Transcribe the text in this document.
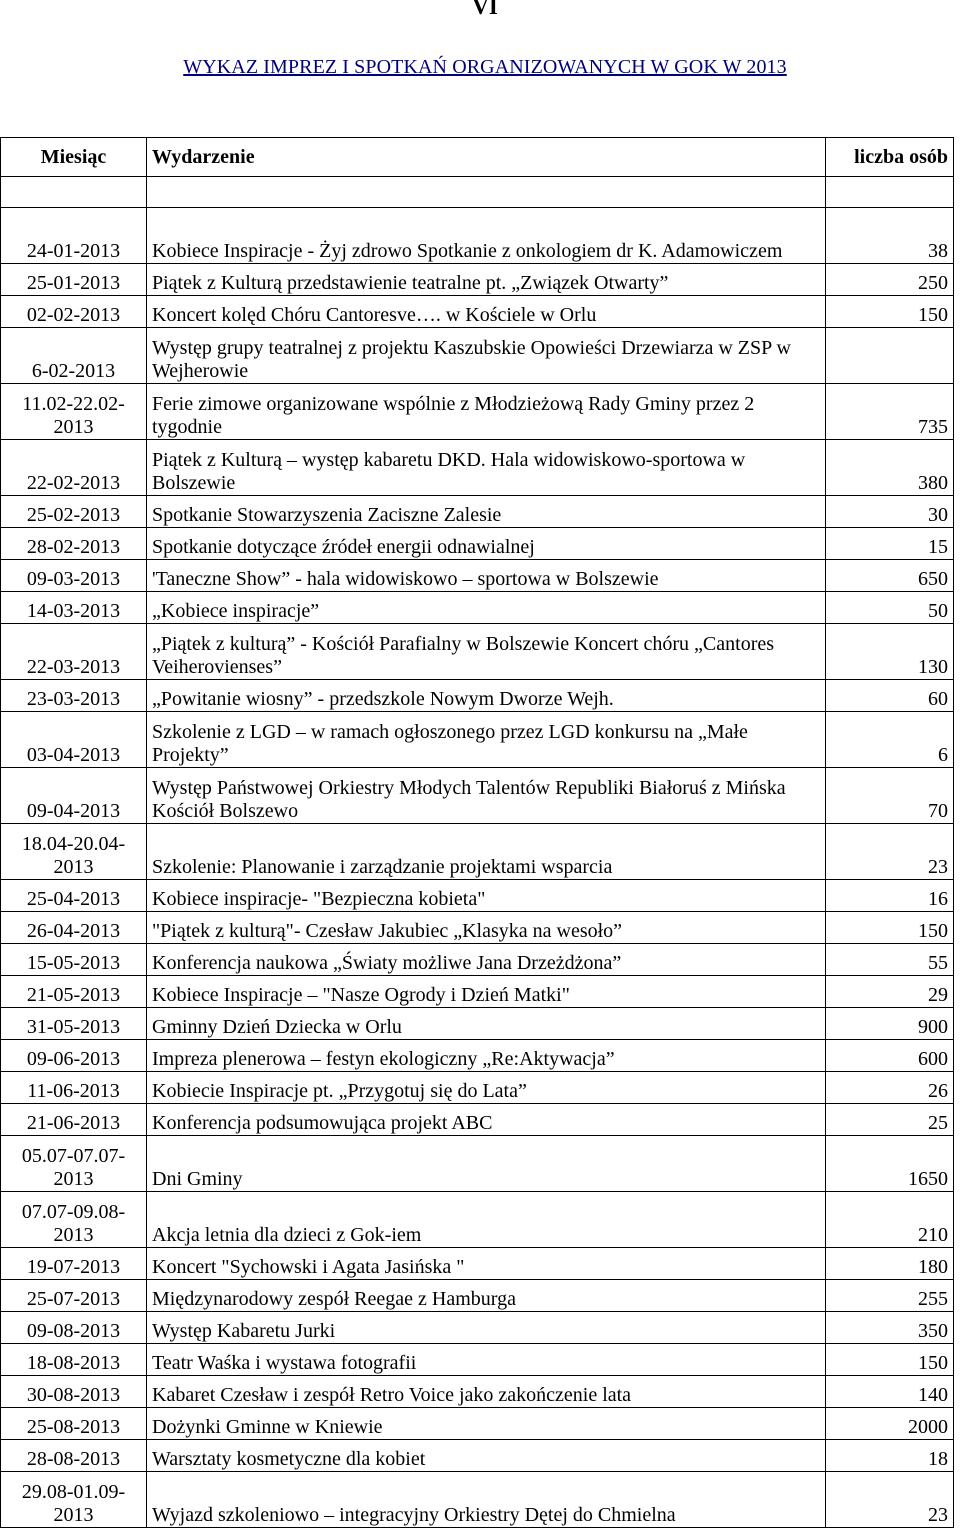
VI
WYKAZ IMPREZ I SPOTKAŃ ORGANIZOWANYCH W GOK W 2013
Miesiąc	Wydarzenie	liczba osób

24-01-2013	Kobiece Inspiracje - Żyj zdrowo Spotkanie z onkologiem dr K. Adamowiczem	38
25-01-2013	Piątek z Kulturą przedstawienie teatralne pt. „Związek Otwarty”	250
02-02-2013	Koncert kolęd Chóru Cantoresve…. w Kościele w Orlu	150
6-02-2013	Występ grupy teatralnej z projektu Kaszubskie Opowieści Drzewiarza w ZSP w Wejherowie	
11.02-22.02-2013	Ferie zimowe organizowane wspólnie z Młodzieżową Rady Gminy przez 2 tygodnie	735
22-02-2013	Piątek z Kulturą – występ kabaretu DKD. Hala widowiskowo-sportowa w Bolszewie	380
25-02-2013	Spotkanie Stowarzyszenia Zaciszne Zalesie	30
28-02-2013	Spotkanie dotyczące źródeł energii odnawialnej	15
09-03-2013	'Taneczne Show” - hala widowiskowo – sportowa w Bolszewie	650
14-03-2013	„Kobiece inspiracje”	50
22-03-2013	„Piątek z kulturą” - Kościół Parafialny w Bolszewie Koncert chóru „Cantores Veiherovienses”	130
23-03-2013	„Powitanie wiosny” - przedszkole Nowym Dworze Wejh.	60
03-04-2013	Szkolenie z LGD – w ramach ogłoszonego przez LGD konkursu na „Małe Projekty”	6
09-04-2013	Występ Państwowej Orkiestry Młodych Talentów Republiki Białoruś z Mińska Kościół Bolszewo	70
18.04-20.04-2013	Szkolenie: Planowanie i zarządzanie projektami wsparcia	23
25-04-2013	Kobiece inspiracje- "Bezpieczna kobieta"	16
26-04-2013	"Piątek z kulturą"- Czesław Jakubiec „Klasyka na wesoło”	150
15-05-2013	Konferencja naukowa „Światy możliwe Jana Drzeżdżona”	55
21-05-2013	Kobiece Inspiracje – "Nasze Ogrody i Dzień Matki"	29
31-05-2013	Gminny Dzień Dziecka w Orlu	900
09-06-2013	Impreza plenerowa – festyn ekologiczny „Re:Aktywacja”	600
11-06-2013	Kobiecie Inspiracje pt. „Przygotuj się do Lata”	26
21-06-2013	Konferencja podsumowująca projekt ABC	25
05.07-07.07-2013	Dni Gminy	1650
07.07-09.08-2013	Akcja letnia dla dzieci z Gok-iem	210
19-07-2013	Koncert "Sychowski i Agata Jasińska "	180
25-07-2013	Międzynarodowy zespół Reegae z Hamburga	255
09-08-2013	Występ Kabaretu Jurki	350
18-08-2013	Teatr Waśka i wystawa fotografii	150
30-08-2013	Kabaret Czesław i zespół Retro Voice jako zakończenie lata	140
25-08-2013	Dożynki Gminne w Kniewie	2000
28-08-2013	Warsztaty kosmetyczne dla kobiet	18
29.08-01.09-2013	Wyjazd szkoleniowo – integracyjny Orkiestry Dętej do Chmielna	23
